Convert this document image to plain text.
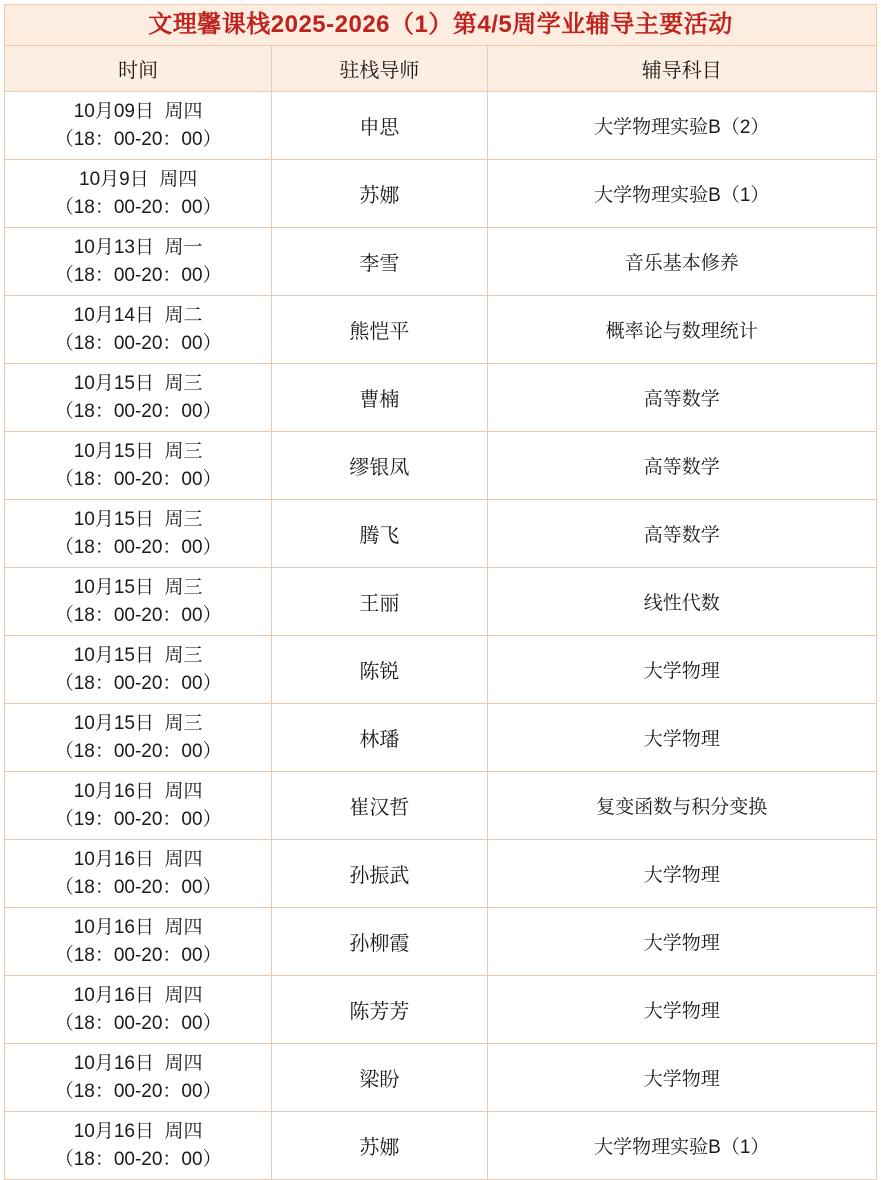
文理馨课栈2025-2026（1）第4/5周学业辅导主要活动		
时间	驻栈导师	辅导科目

10月09日  周四
（18：00-20：00）	申思	大学物理实验B（2）

10月9日  周四
（18：00-20：00）	苏娜	大学物理实验B（1）

10月13日  周一
（18：00-20：00）	李雪	音乐基本修养

10月14日  周二
（18：00-20：00）	熊恺平	概率论与数理统计

10月15日  周三
（18：00-20：00）	曹楠	高等数学

10月15日  周三
（18：00-20：00）	缪银凤	高等数学

10月15日  周三
（18：00-20：00）	腾飞	高等数学

10月15日  周三
（18：00-20：00）	王丽	线性代数

10月15日  周三
（18：00-20：00）	陈锐	大学物理

10月15日  周三
（18：00-20：00）	林璠	大学物理

10月16日  周四
（19：00-20：00）	崔汉哲	复变函数与积分变换

10月16日  周四
（18：00-20：00）	孙振武	大学物理

10月16日  周四
（18：00-20：00）	孙柳霞	大学物理

10月16日  周四
（18：00-20：00）	陈芳芳	大学物理

10月16日  周四
（18：00-20：00）	梁盼	大学物理

10月16日  周四
（18：00-20：00）	苏娜	大学物理实验B（1）
